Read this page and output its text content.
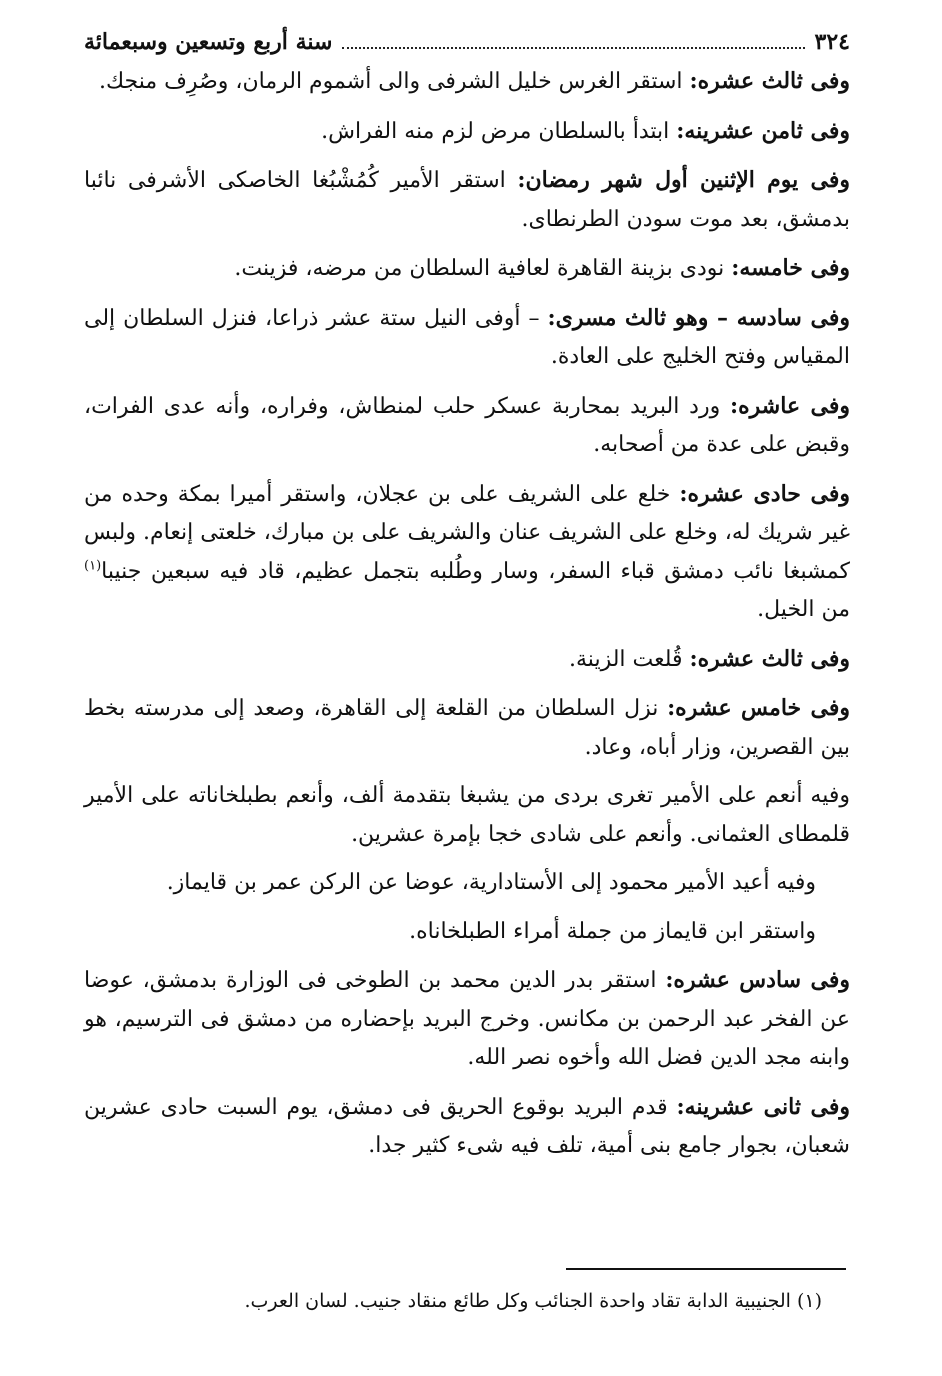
٣٢٤
سنة أربع وتسعين وسبعمائة

وفى ثالث عشره: استقر الغرس خليل الشرفى والى أشموم الرمان، وصُرِف منجك.

وفى ثامن عشرينه: ابتدأ بالسلطان مرض لزم منه الفراش.

وفى يوم الإثنين أول شهر رمضان: استقر الأمير كُمُشْبُغا الخاصكى الأشرفى نائبا بدمشق، بعد موت سودن الطرنطاى.

وفى خامسه: نودى بزينة القاهرة لعافية السلطان من مرضه، فزينت.

وفى سادسه – وهو ثالث مسرى: – أوفى النيل ستة عشر ذراعا، فنزل السلطان إلى المقياس وفتح الخليج على العادة.

وفى عاشره: ورد البريد بمحاربة عسكر حلب لمنطاش، وفراره، وأنه عدى الفرات، وقبض على عدة من أصحابه.

وفى حادى عشره: خلع على الشريف على بن عجلان، واستقر أميرا بمكة وحده من غير شريك له، وخلع على الشريف عنان والشريف على بن مبارك، خلعتى إنعام. ولبس كمشبغا نائب دمشق قباء السفر، وسار وطُلبه بتجمل عظيم، قاد فيه سبعين جنيبا$^{(١)}$ من الخيل.

وفى ثالث عشره: قُلعت الزينة.

وفى خامس عشره: نزل السلطان من القلعة إلى القاهرة، وصعد إلى مدرسته بخط بين القصرين، وزار أباه، وعاد.

وفيه أنعم على الأمير تغرى بردى من يشبغا بتقدمة ألف، وأنعم بطبلخاناته على الأمير قلمطاى العثمانى. وأنعم على شادى خجا بإمرة عشرين.

وفيه أعيد الأمير محمود إلى الأستادارية، عوضا عن الركن عمر بن قايماز.

واستقر ابن قايماز من جملة أمراء الطبلخاناه.

وفى سادس عشره: استقر بدر الدين محمد بن الطوخى فى الوزارة بدمشق، عوضا عن الفخر عبد الرحمن بن مكانس. وخرج البريد بإحضاره من دمشق فى الترسيم، هو وابنه مجد الدين فضل الله وأخوه نصر الله.

وفى ثانى عشرينه: قدم البريد بوقوع الحريق فى دمشق، يوم السبت حادى عشرين شعبان، بجوار جامع بنى أمية، تلف فيه شىء كثير جدا.

(١) الجنيبية الدابة تقاد واحدة الجنائب وكل طائع منقاد جنيب. لسان العرب.
